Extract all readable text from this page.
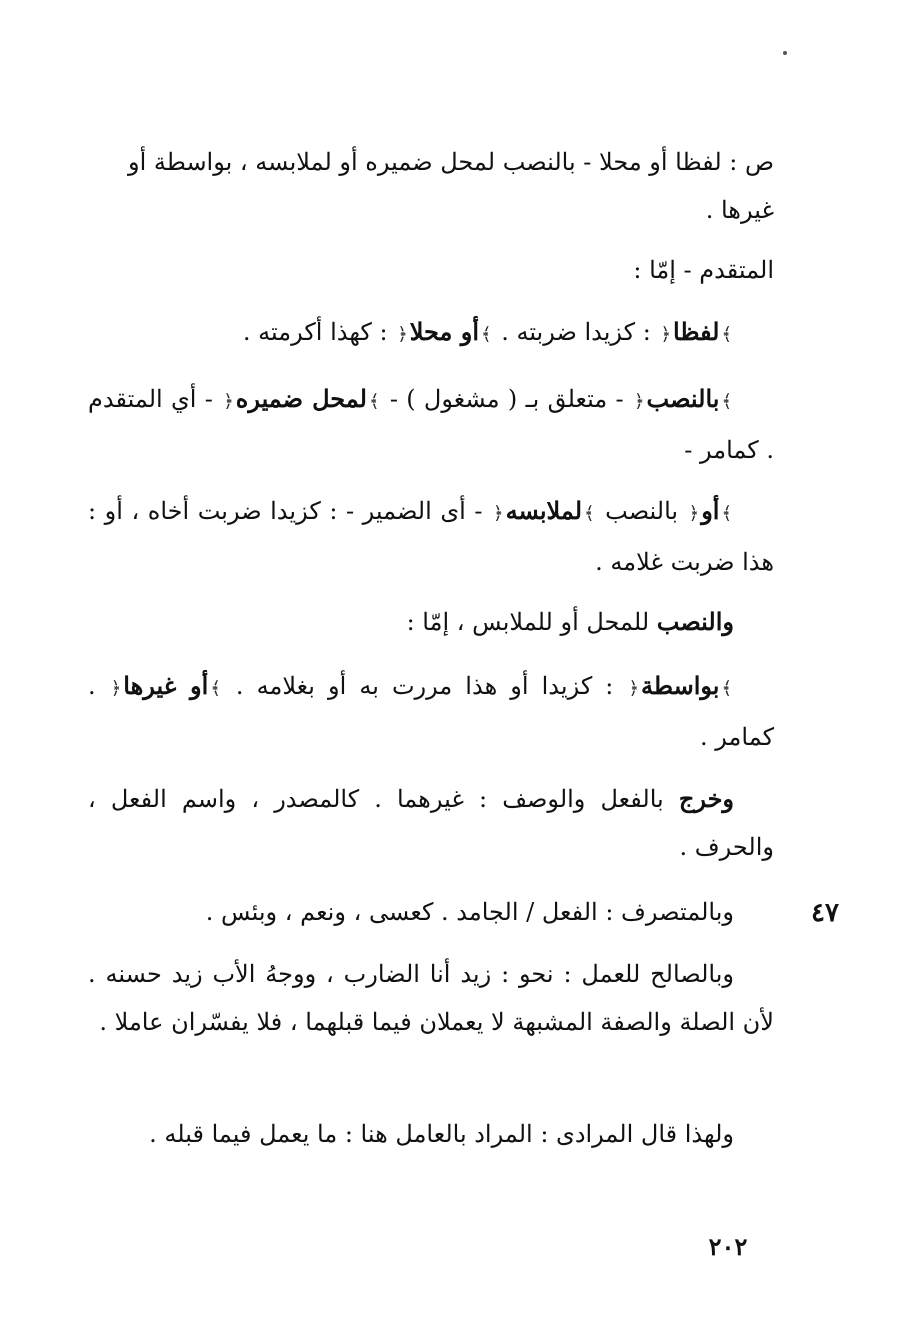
ص : لفظا أو محلا - بالنصب لمحل ضميره أو لملابسه ، بواسطة أو
غيرها .
المتقدم - إمّا :
﴾لفظا﴿ : كزيدا ضربته . ﴾أو محلا﴿ : كهذا أكرمته .
﴾بالنصب﴿ - متعلق بـ ( مشغول ) - ﴾لمحل ضميره﴿ - أي المتقدم . كمامر -
﴾أو﴿ بالنصب ﴾لملابسه﴿ - أى الضمير - : كزيدا ضربت أخاه ، أو : هذا ضربت غلامه .
والنصب للمحل أو للملابس ، إمّا :
﴾بواسطة﴿ : كزيدا أو هذا مررت به أو بغلامه . ﴾أو غيرها﴿ . كمامر .
وخرج بالفعل والوصف : غيرهما . كالمصدر ، واسم الفعل ، والحرف .
٤٧
وبالمتصرف : الفعل / الجامد . كعسى ، ونعم ، وبئس .
وبالصالح للعمل : نحو : زيد أنا الضارب ، ووجهُ الأب زيد حسنه . لأن الصلة والصفة المشبهة لا يعملان فيما قبلهما ، فلا يفسّران عاملا .
ولهذا قال المرادى : المراد بالعامل هنا : ما يعمل فيما قبله .
٢٠٢
